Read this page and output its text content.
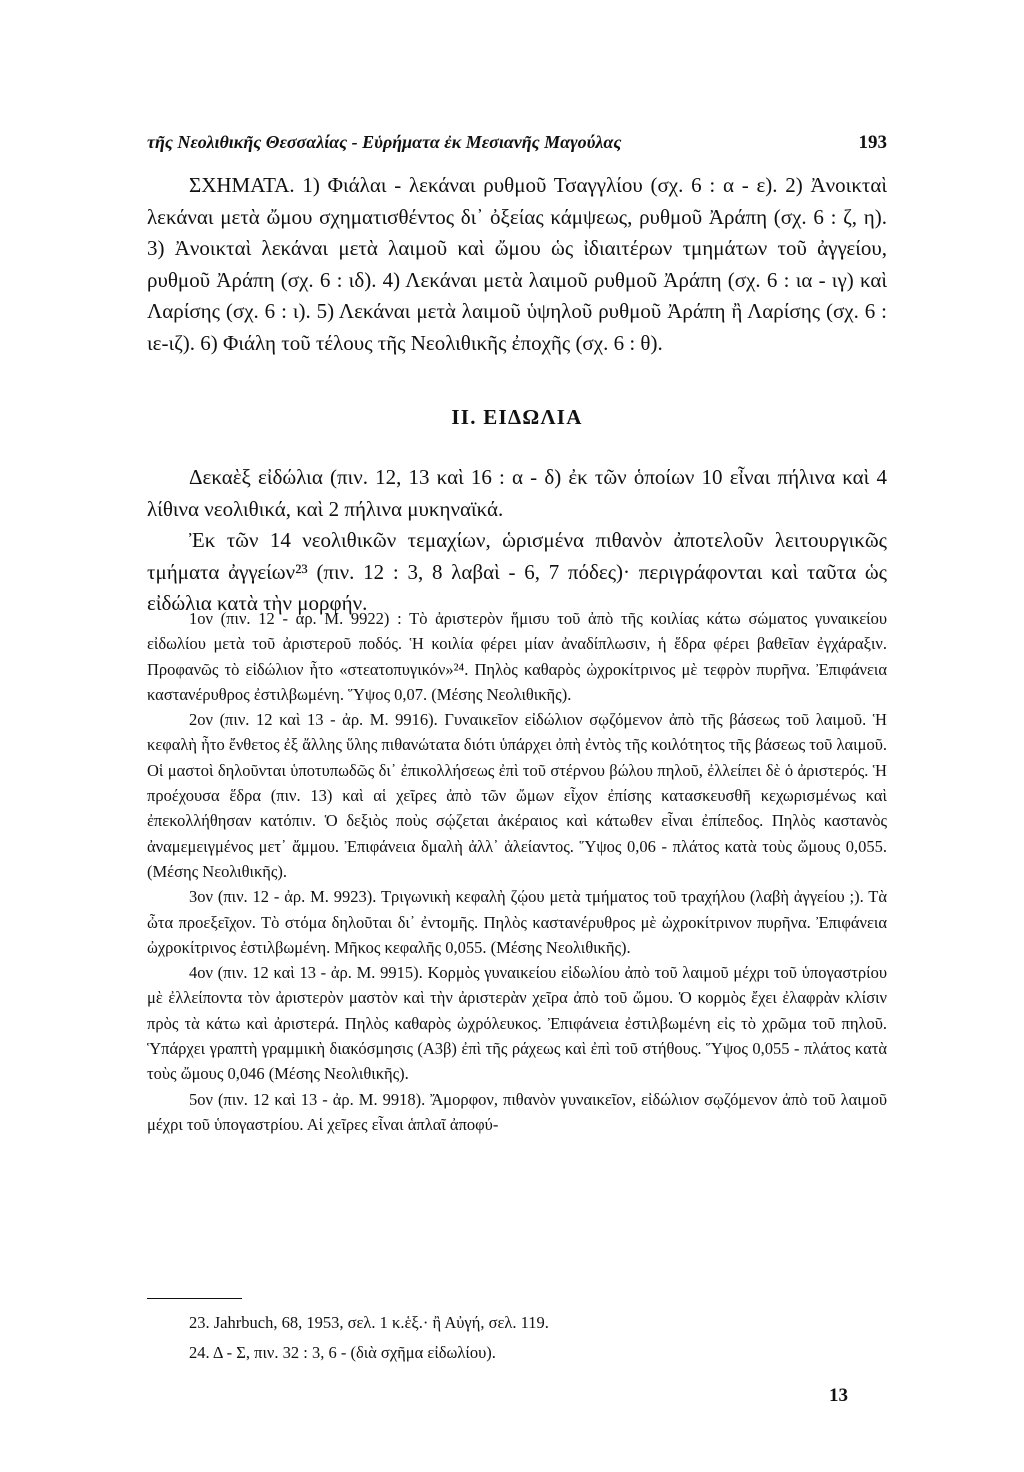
τῆς Νεολιθικῆς Θεσσαλίας - Εὑρήματα ἐκ Μεσιανῆς Μαγούλας	193

ΣΧΗΜΑΤΑ. 1) Φιάλαι - λεκάναι ρυθμοῦ Τσαγγλίου (σχ. 6 : α - ε). 2) Ἀνοικταὶ λεκάναι μετὰ ὤμου σχηματισθέντος δι᾽ ὀξείας κάμψεως, ρυθμοῦ Ἀράπη (σχ. 6 : ζ, η). 3) Ἀνοικταὶ λεκάναι μετὰ λαιμοῦ καὶ ὤμου ὡς ἰδιαιτέρων τμημάτων τοῦ ἀγγείου, ρυθμοῦ Ἀράπη (σχ. 6 : ιδ). 4) Λεκάναι μετὰ λαιμοῦ ρυθμοῦ Ἀράπη (σχ. 6 : ια - ιγ) καὶ Λαρίσης (σχ. 6 : ι). 5) Λεκάναι μετὰ λαιμοῦ ὑψηλοῦ ρυθμοῦ Ἀράπη ἢ Λαρίσης (σχ. 6 : ιε-ιζ). 6) Φιάλη τοῦ τέλους τῆς Νεολιθικῆς ἐποχῆς (σχ. 6 : θ).

II. ΕΙΔΩΛΙΑ

Δεκαὲξ εἰδώλια (πιν. 12, 13 καὶ 16 : α - δ) ἐκ τῶν ὁποίων 10 εἶναι πήλινα καὶ 4 λίθινα νεολιθικά, καὶ 2 πήλινα μυκηναϊκά.

Ἐκ τῶν 14 νεολιθικῶν τεμαχίων, ὡρισμένα πιθανὸν ἀποτελοῦν λειτουργικῶς τμήματα ἀγγείων²³ (πιν. 12 : 3, 8 λαβαὶ - 6, 7 πόδες)· περιγράφονται καὶ ταῦτα ὡς εἰδώλια κατὰ τὴν μορφήν.

1ον (πιν. 12 - ἀρ. Μ. 9922) : Τὸ ἀριστερὸν ἥμισυ τοῦ ἀπὸ τῆς κοιλίας κάτω σώματος γυναικείου εἰδωλίου μετὰ τοῦ ἀριστεροῦ ποδός. Ἡ κοιλία φέρει μίαν ἀναδίπλωσιν, ἡ ἕδρα φέρει βαθεῖαν ἐγχάραξιν. Προφανῶς τὸ εἰδώλιον ἦτο «στεατοπυγικόν»²⁴. Πηλὸς καθαρὸς ὠχροκίτρινος μὲ τεφρὸν πυρῆνα. Ἐπιφάνεια καστανέρυθρος ἐστιλβωμένη. Ὕψος 0,07. (Μέσης Νεολιθικῆς).

2ον (πιν. 12 καὶ 13 - ἀρ. Μ. 9916). Γυναικεῖον εἰδώλιον σῳζόμενον ἀπὸ τῆς βάσεως τοῦ λαιμοῦ. Ἡ κεφαλὴ ἦτο ἔνθετος ἐξ ἄλλης ὕλης πιθανώτατα διότι ὑπάρχει ὀπὴ ἐντὸς τῆς κοιλότητος τῆς βάσεως τοῦ λαιμοῦ. Οἱ μαστοὶ δηλοῦνται ὑποτυπωδῶς δι᾽ ἐπικολλήσεως ἐπὶ τοῦ στέρνου βώλου πηλοῦ, ἐλλείπει δὲ ὁ ἀριστερός. Ἡ προέχουσα ἕδρα (πιν. 13) καὶ αἱ χεῖρες ἀπὸ τῶν ὤμων εἶχον ἐπίσης κατασκευσθῆ κεχωρισμένως καὶ ἐπεκολλήθησαν κατόπιν. Ὁ δεξιὸς ποὺς σῴζεται ἀκέραιος καὶ κάτωθεν εἶναι ἐπίπεδος. Πηλὸς καστανὸς ἀναμεμειγμένος μετ᾽ ἄμμου. Ἐπιφάνεια δμαλὴ ἀλλ᾽ ἀλείαντος. Ὕψος 0,06 - πλάτος κατὰ τοὺς ὤμους 0,055. (Μέσης Νεολιθικῆς).

3ον (πιν. 12 - ἀρ. Μ. 9923). Τριγωνικὴ κεφαλὴ ζῴου μετὰ τμήματος τοῦ τραχήλου (λαβὴ ἀγγείου ;). Τὰ ὦτα προεξεῖχον. Τὸ στόμα δηλοῦται δι᾽ ἐντομῆς. Πηλὸς καστανέρυθρος μὲ ὠχροκίτρινον πυρῆνα. Ἐπιφάνεια ὠχροκίτρινος ἐστιλβωμένη. Μῆκος κεφαλῆς 0,055. (Μέσης Νεολιθικῆς).

4ον (πιν. 12 καὶ 13 - ἀρ. Μ. 9915). Κορμὸς γυναικείου εἰδωλίου ἀπὸ τοῦ λαιμοῦ μέχρι τοῦ ὑπογαστρίου μὲ ἐλλείποντα τὸν ἀριστερὸν μαστὸν καὶ τὴν ἀριστερὰν χεῖρα ἀπὸ τοῦ ὤμου. Ὁ κορμὸς ἔχει ἐλαφρὰν κλίσιν πρὸς τὰ κάτω καὶ ἀριστερά. Πηλὸς καθαρὸς ὠχρόλευκος. Ἐπιφάνεια ἐστιλβωμένη εἰς τὸ χρῶμα τοῦ πηλοῦ. Ὑπάρχει γραπτὴ γραμμικὴ διακόσμησις (Α3β) ἐπὶ τῆς ράχεως καὶ ἐπὶ τοῦ στήθους. Ὕψος 0,055 - πλάτος κατὰ τοὺς ὤμους 0,046 (Μέσης Νεολιθικῆς).

5ον (πιν. 12 καὶ 13 - ἀρ. Μ. 9918). Ἄμορφον, πιθανὸν γυναικεῖον, εἰδώλιον σῳζόμενον ἀπὸ τοῦ λαιμοῦ μέχρι τοῦ ὑπογαστρίου. Αἱ χεῖρες εἶναι ἁπλαῖ ἀποφύ-

23. Jahrbuch, 68, 1953, σελ. 1 κ.ἑξ.· ἢ Αὐγή, σελ. 119.

24. Δ - Σ, πιν. 32 : 3, 6 - (διὰ σχῆμα εἰδωλίου).

13
